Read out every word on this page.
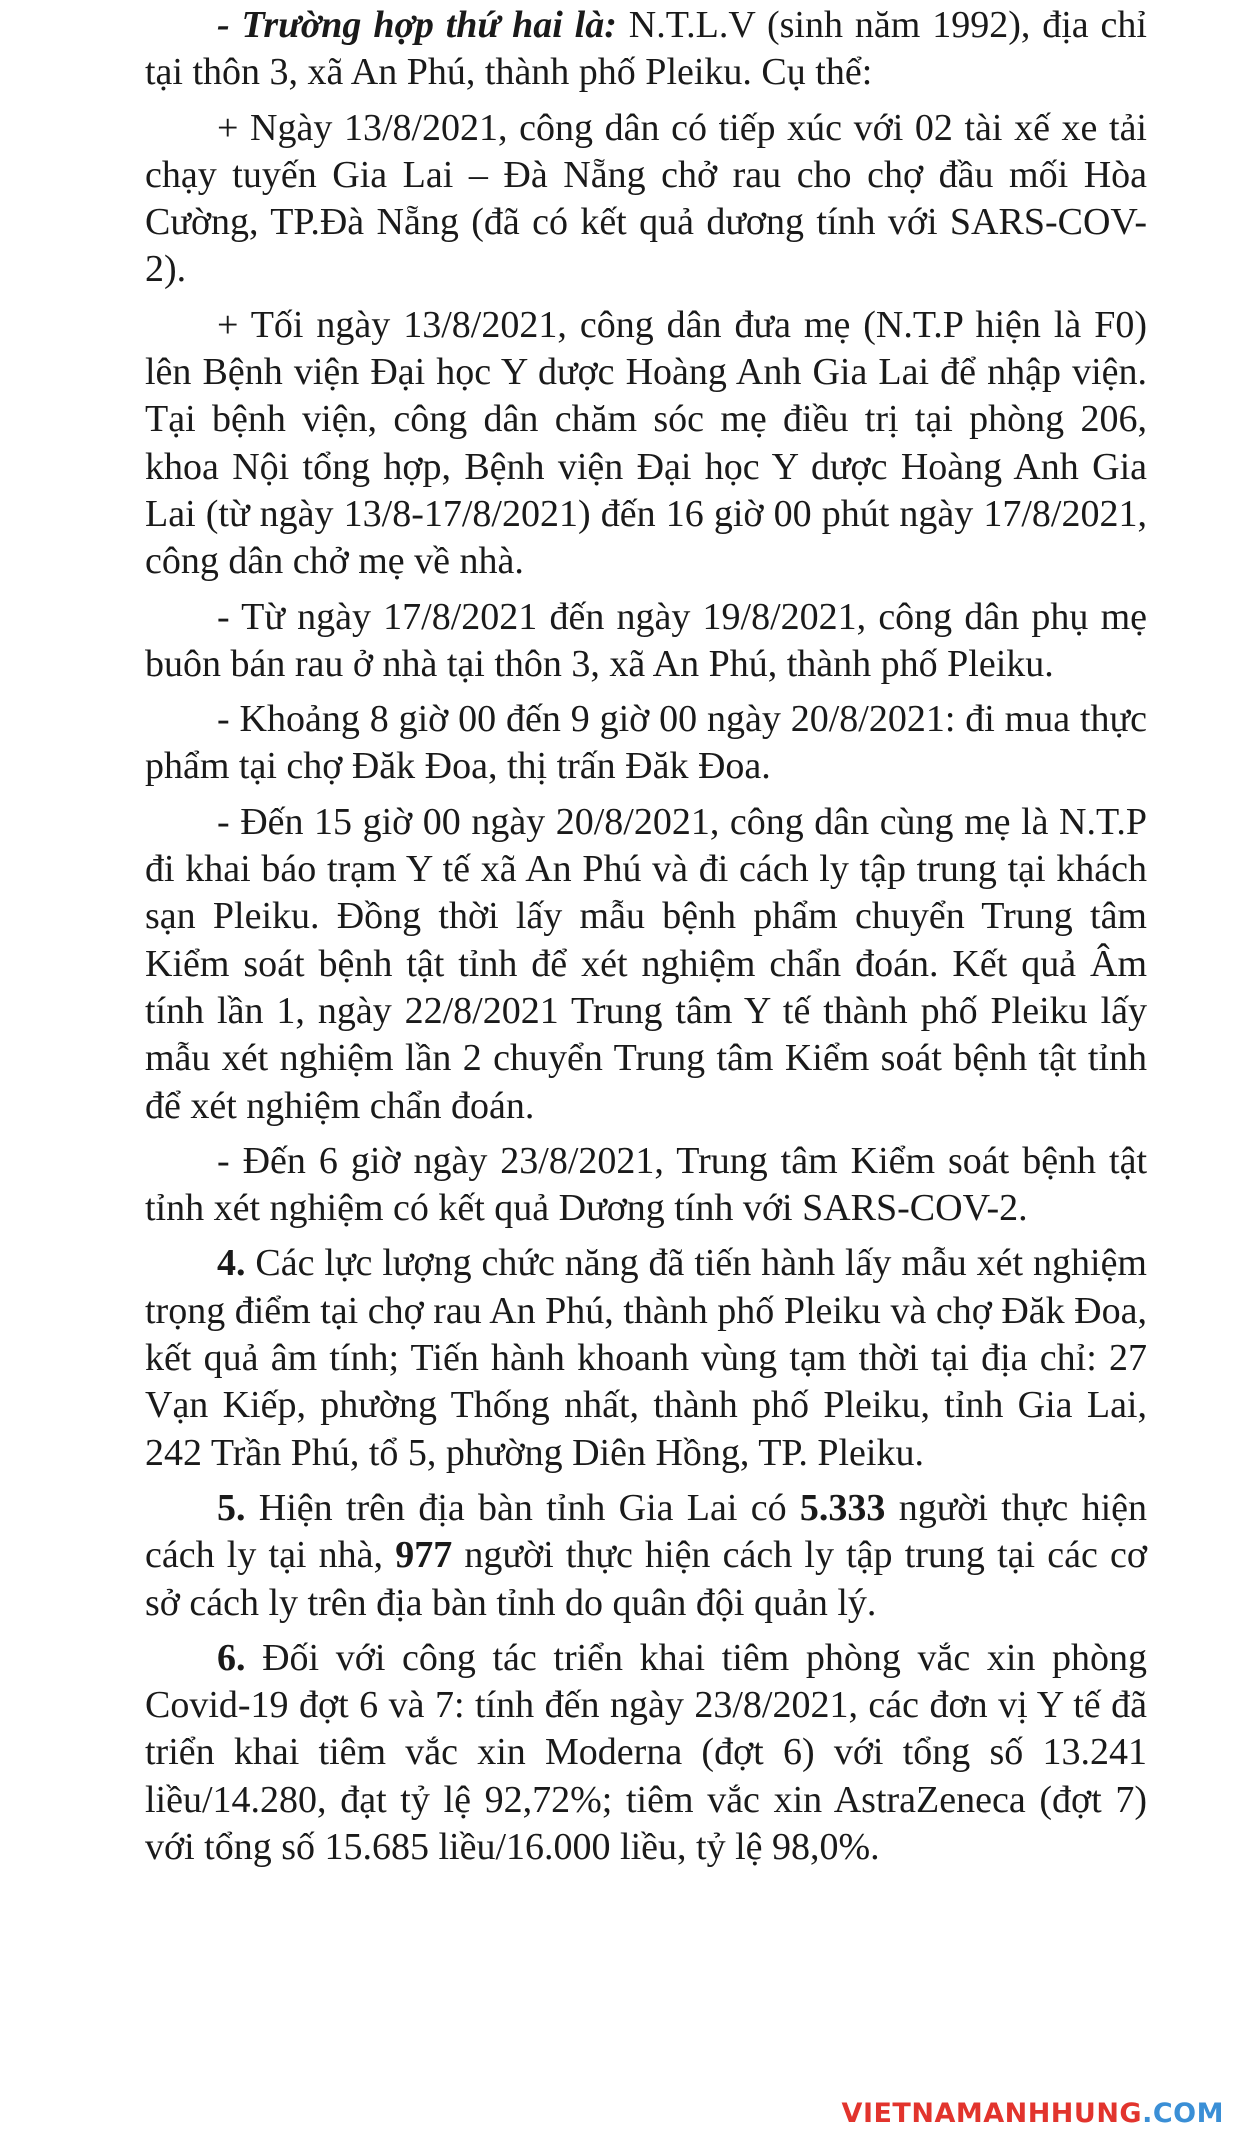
- Trường hợp thứ hai là: N.T.L.V (sinh năm 1992), địa chỉ tại thôn 3, xã An Phú, thành phố Pleiku. Cụ thể:

+ Ngày 13/8/2021, công dân có tiếp xúc với 02 tài xế xe tải chạy tuyến Gia Lai – Đà Nẵng chở rau cho chợ đầu mối Hòa Cường, TP.Đà Nẵng (đã có kết quả dương tính với SARS-COV-2).

+ Tối ngày 13/8/2021, công dân đưa mẹ (N.T.P hiện là F0) lên Bệnh viện Đại học Y dược Hoàng Anh Gia Lai để nhập viện. Tại bệnh viện, công dân chăm sóc mẹ điều trị tại phòng 206, khoa Nội tổng hợp, Bệnh viện Đại học Y dược Hoàng Anh Gia Lai (từ ngày 13/8-17/8/2021) đến 16 giờ 00 phút ngày 17/8/2021, công dân chở mẹ về nhà.

- Từ ngày 17/8/2021 đến ngày 19/8/2021, công dân phụ mẹ buôn bán rau ở nhà tại thôn 3, xã An Phú, thành phố Pleiku.

- Khoảng 8 giờ 00 đến 9 giờ 00 ngày 20/8/2021: đi mua thực phẩm tại chợ Đăk Đoa, thị trấn Đăk Đoa.

- Đến 15 giờ 00 ngày 20/8/2021, công dân cùng mẹ là N.T.P đi khai báo trạm Y tế xã An Phú và đi cách ly tập trung tại khách sạn Pleiku. Đồng thời lấy mẫu bệnh phẩm chuyển Trung tâm Kiểm soát bệnh tật tỉnh để xét nghiệm chẩn đoán. Kết quả Âm tính lần 1, ngày 22/8/2021 Trung tâm Y tế thành phố Pleiku lấy mẫu xét nghiệm lần 2 chuyển Trung tâm Kiểm soát bệnh tật tỉnh để xét nghiệm chẩn đoán.

- Đến 6 giờ ngày 23/8/2021, Trung tâm Kiểm soát bệnh tật tỉnh xét nghiệm có kết quả Dương tính với SARS-COV-2.

4. Các lực lượng chức năng đã tiến hành lấy mẫu xét nghiệm trọng điểm tại chợ rau An Phú, thành phố Pleiku và chợ Đăk Đoa, kết quả âm tính; Tiến hành khoanh vùng tạm thời tại địa chỉ: 27 Vạn Kiếp, phường Thống nhất, thành phố Pleiku, tỉnh Gia Lai, 242 Trần Phú, tổ 5, phường Diên Hồng, TP. Pleiku.

5. Hiện trên địa bàn tỉnh Gia Lai có 5.333 người thực hiện cách ly tại nhà, 977 người thực hiện cách ly tập trung tại các cơ sở cách ly trên địa bàn tỉnh do quân đội quản lý.

6. Đối với công tác triển khai tiêm phòng vắc xin phòng Covid-19 đợt 6 và 7: tính đến ngày 23/8/2021, các đơn vị Y tế đã triển khai tiêm vắc xin Moderna (đợt 6) với tổng số 13.241 liều/14.280, đạt tỷ lệ 92,72%; tiêm vắc xin AstraZeneca (đợt 7) với tổng số 15.685 liều/16.000 liều, tỷ lệ 98,0%.

VIETNAMANHHUNG.COM
